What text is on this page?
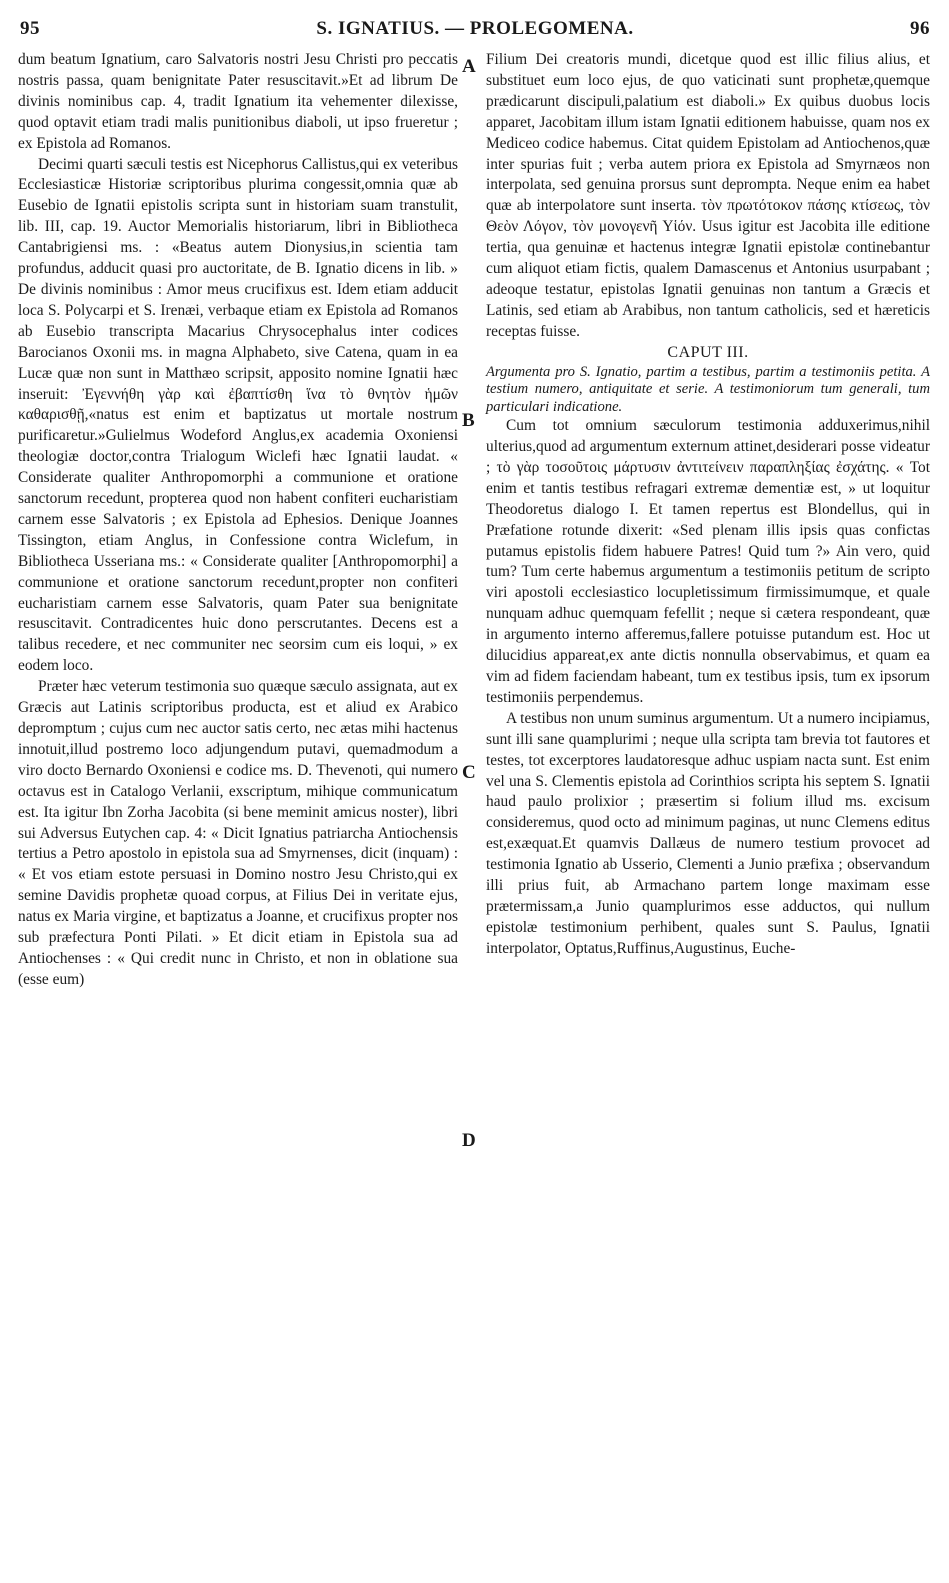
95	S. IGNATIUS. — PROLEGOMENA.	96
A
B
C
D

dum beatum Ignatium, caro Salvatoris nostri Jesu Christi pro peccatis nostris passa, quam benignitate Pater resuscitavit.»Et ad librum De divinis nominibus cap. 4, tradit Ignatium ita vehementer dilexisse, quod optavit etiam tradi malis punitionibus diaboli, ut ipso frueretur ; ex Epistola ad Romanos.

Decimi quarti sæculi testis est Nicephorus Callistus,qui ex veteribus Ecclesiasticæ Historiæ scriptoribus plurima congessit,omnia quæ ab Eusebio de Ignatii epistolis scripta sunt in historiam suam transtulit, lib. III, cap. 19. Auctor Memorialis historiarum, libri in Bibliotheca Cantabrigiensi ms. : «Beatus autem Dionysius,in scientia tam profundus, adducit quasi pro auctoritate, de B. Ignatio dicens in lib. » De divinis nominibus : Amor meus crucifixus est. Idem etiam adducit loca S. Polycarpi et S. Irenæi, verbaque etiam ex Epistola ad Romanos ab Eusebio transcripta Macarius Chrysocephalus inter codices Barocianos Oxonii ms. in magna Alphabeto, sive Catena, quam in ea Lucæ quæ non sunt in Matthæo scripsit, apposito nomine Ignatii hæc inseruit: Ἐγεννήθη γὰρ καὶ ἐβαπτίσθη ἵνα τὸ θνητὸν ἡμῶν καθαρισθῇ,«natus est enim et baptizatus ut mortale nostrum purificaretur.»Gulielmus Wodeford Anglus,ex academia Oxoniensi theologiæ doctor,contra Trialogum Wiclefi hæc Ignatii laudat. « Considerate qualiter Anthropomorphi a communione et oratione sanctorum recedunt, propterea quod non habent confiteri eucharistiam carnem esse Salvatoris ; ex Epistola ad Ephesios. Denique Joannes Tissington, etiam Anglus, in Confessione contra Wiclefum, in Bibliotheca Usseriana ms.: « Considerate qualiter [Anthropomorphi] a communione et oratione sanctorum recedunt,propter non confiteri eucharistiam carnem esse Salvatoris, quam Pater sua benignitate resuscitavit. Contradicentes huic dono perscrutantes. Decens est a talibus recedere, et nec communiter nec seorsim cum eis loqui, » ex eodem loco.

Præter hæc veterum testimonia suo quæque sæculo assignata, aut ex Græcis aut Latinis scriptoribus producta, est et aliud ex Arabico depromptum ; cujus cum nec auctor satis certo, nec ætas mihi hactenus innotuit,illud postremo loco adjungendum putavi, quemadmodum a viro docto Bernardo Oxoniensi e codice ms. D. Thevenoti, qui numero octavus est in Catalogo Verlanii, exscriptum, mihique communicatum est. Ita igitur Ibn Zorha Jacobita (si bene meminit amicus noster), libri sui Adversus Eutychen cap. 4: « Dicit Ignatius patriarcha Antiochensis tertius a Petro apostolo in epistola sua ad Smyrnenses, dicit (inquam) : « Et vos etiam estote persuasi in Domino nostro Jesu Christo,qui ex semine Davidis prophetæ quoad corpus, at Filius Dei in veritate ejus, natus ex Maria virgine, et baptizatus a Joanne, et crucifixus propter nos sub præfectura Ponti Pilati. » Et dicit etiam in Epistola sua ad Antiochenses : « Qui credit nunc in Christo, et non in oblatione sua (esse eum)

Filium Dei creatoris mundi, dicetque quod est illic filius alius, et substituet eum loco ejus, de quo vaticinati sunt prophetæ,quemque prædicarunt discipuli,palatium est diaboli.» Ex quibus duobus locis apparet, Jacobitam illum istam Ignatii editionem habuisse, quam nos ex Mediceo codice habemus. Citat quidem Epistolam ad Antiochenos,quæ inter spurias fuit ; verba autem priora ex Epistola ad Smyrnæos non interpolata, sed genuina prorsus sunt deprompta. Neque enim ea habet quæ ab interpolatore sunt inserta. τὸν πρωτότοκον πάσης κτίσεως, τὸν Θεὸν Λόγον, τὸν μονογενῆ Υἱόν. Usus igitur est Jacobita ille editione tertia, qua genuinæ et hactenus integræ Ignatii epistolæ continebantur cum aliquot etiam fictis, qualem Damascenus et Antonius usurpabant ; adeoque testatur, epistolas Ignatii genuinas non tantum a Græcis et Latinis, sed etiam ab Arabibus, non tantum catholicis, sed et hæreticis receptas fuisse.

CAPUT III.

Argumenta pro S. Ignatio, partim a testibus, partim a testimoniis petita. A testium numero, antiquitate et serie. A testimoniorum tum generali, tum particulari indicatione.

Cum tot omnium sæculorum testimonia adduxerimus,nihil ulterius,quod ad argumentum externum attinet,desiderari posse videatur ; τὸ γὰρ τοσοῦτοις μάρτυσιν ἀντιτείνειν παραπληξίας ἐσχάτης. « Tot enim et tantis testibus refragari extremæ dementiæ est, » ut loquitur Theodoretus dialogo I. Et tamen repertus est Blondellus, qui in Præfatione rotunde dixerit: «Sed plenam illis ipsis quas confictas putamus epistolis fidem habuere Patres! Quid tum ?» Ain vero, quid tum? Tum certe habemus argumentum a testimoniis petitum de scripto viri apostoli ecclesiastico locupletissimum firmissimumque, et quale nunquam adhuc quemquam fefellit ; neque si cætera respondeant, quæ in argumento interno afferemus,fallere potuisse putandum est. Hoc ut dilucidius appareat,ex ante dictis nonnulla observabimus, et quam ea vim ad fidem faciendam habeant, tum ex testibus ipsis, tum ex ipsorum testimoniis perpendemus.

A testibus non unum suminus argumentum. Ut a numero incipiamus, sunt illi sane quamplurimi ; neque ulla scripta tam brevia tot fautores et testes, tot excerptores laudatoresque adhuc uspiam nacta sunt. Est enim vel una S. Clementis epistola ad Corinthios scripta his septem S. Ignatii haud paulo prolixior ; præsertim si folium illud ms. excisum consideremus, quod octo ad minimum paginas, ut nunc Clemens editus est,exæquat.Et quamvis Dallæus de numero testium provocet ad testimonia Ignatio ab Usserio, Clementi a Junio præfixa ; observandum illi prius fuit, ab Armachano partem longe maximam esse prætermissam,a Junio quamplurimos esse adductos, qui nullum epistolæ testimonium perhibent, quales sunt S. Paulus, Ignatii interpolator, Optatus,Ruffinus,Augustinus, Euche-
